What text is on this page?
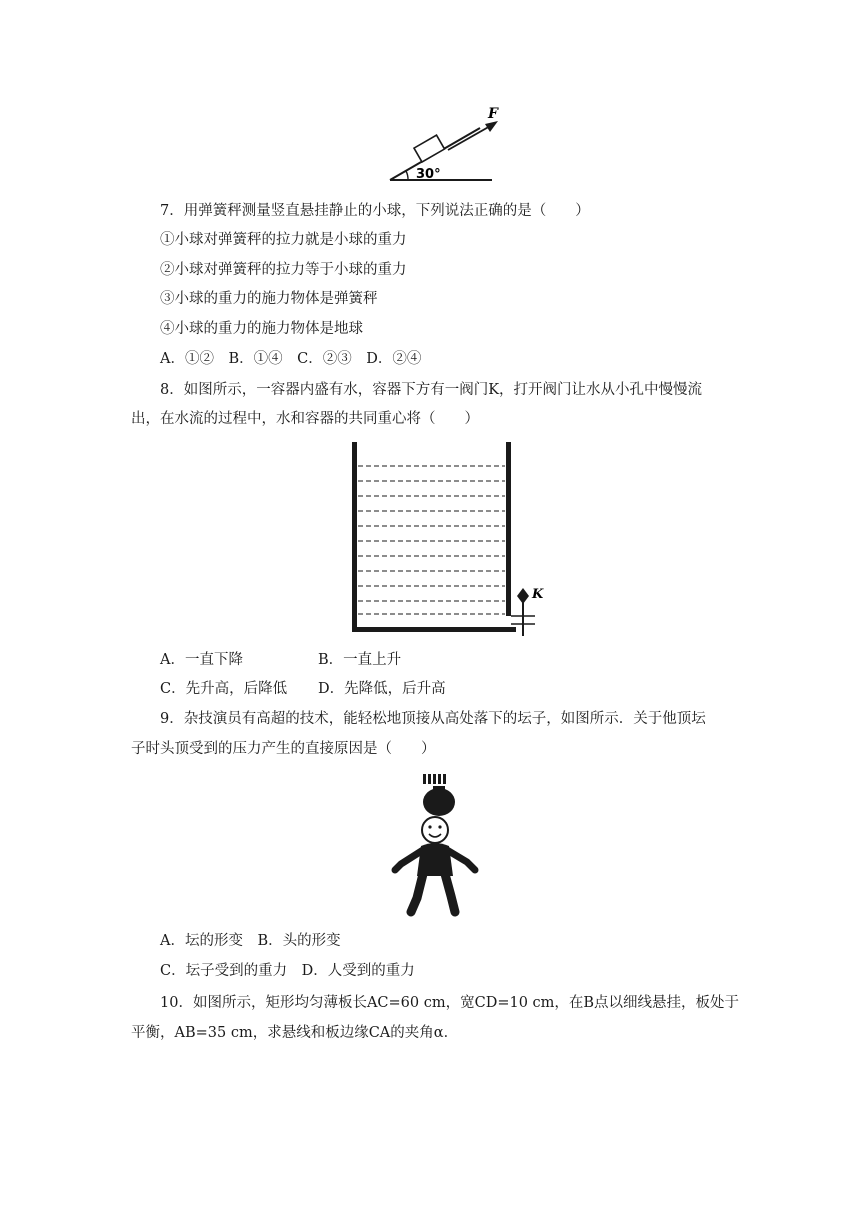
F
30°
7．用弹簧秤测量竖直悬挂静止的小球，下列说法正确的是（　　）
①小球对弹簧秤的拉力就是小球的重力
②小球对弹簧秤的拉力等于小球的重力
③小球的重力的施力物体是弹簧秤
④小球的重力的施力物体是地球
A．①②　B．①④　C．②③　D．②④
8．如图所示，一容器内盛有水，容器下方有一阀门K，打开阀门让水从小孔中慢慢流
出，在水流的过程中，水和容器的共同重心将（　　）
K
A．一直下降	B．一直上升
C．先升高，后降低 D．先降低，后升高
9．杂技演员有高超的技术，能轻松地顶接从高处落下的坛子，如图所示．关于他顶坛
子时头顶受到的压力产生的直接原因是（　　）
A．坛的形变　B．头的形变
C．坛子受到的重力　D．人受到的重力
10．如图所示，矩形均匀薄板长AC=60 cm，宽CD=10 cm，在B点以细线悬挂，板处于
平衡，AB=35 cm，求悬线和板边缘CA的夹角α．
